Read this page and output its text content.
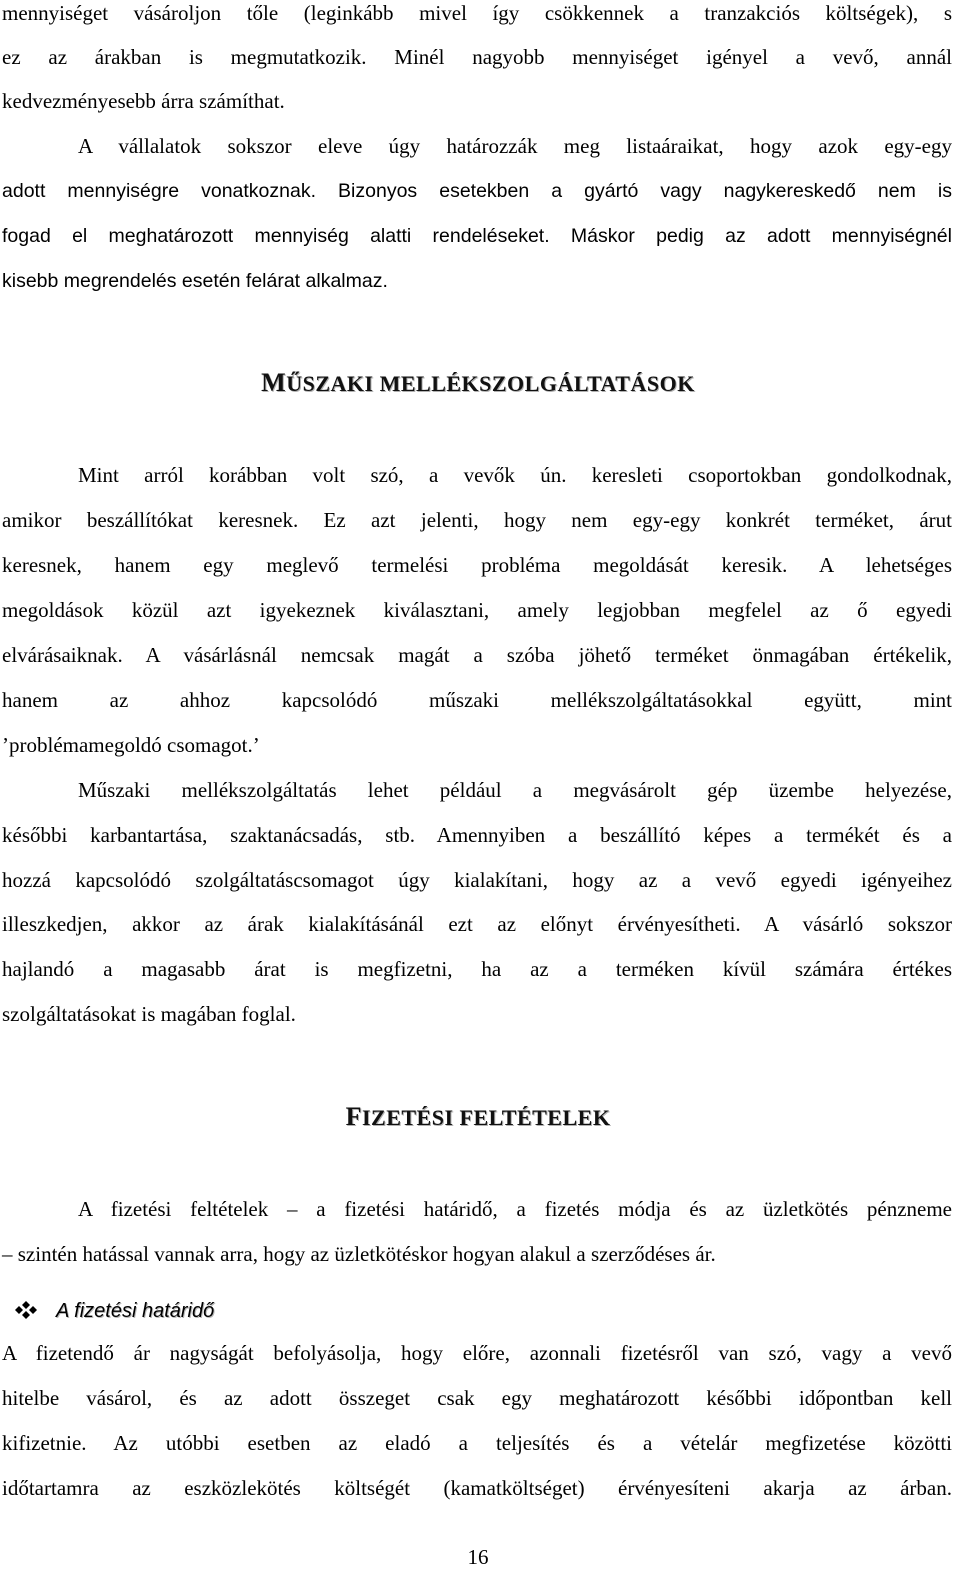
mennyiséget vásároljon tőle (leginkább mivel így csökkennek a tranzakciós költségek), s
ez az árakban is megmutatkozik. Minél nagyobb mennyiséget igényel a vevő, annál
kedvezményesebb árra számíthat.
A vállalatok sokszor eleve úgy határozzák meg listaáraikat, hogy azok egy-egy
adott mennyiségre vonatkoznak. Bizonyos esetekben a gyártó vagy nagykereskedő nem is
fogad el meghatározott mennyiség alatti rendeléseket. Máskor pedig az adott mennyiségnél
kisebb megrendelés esetén felárat alkalmaz.
MŰSZAKI MELLÉKSZOLGÁLTATÁSOK
Mint arról korábban volt szó, a vevők ún. keresleti csoportokban gondolkodnak,
amikor beszállítókat keresnek. Ez azt jelenti, hogy nem egy-egy konkrét terméket, árut
keresnek, hanem egy meglevő termelési probléma megoldását keresik. A lehetséges
megoldások közül azt igyekeznek kiválasztani, amely legjobban megfelel az ő egyedi
elvárásaiknak. A vásárlásnál nemcsak magát a szóba jöhető terméket önmagában értékelik,
hanem az ahhoz kapcsolódó műszaki mellékszolgáltatásokkal együtt, mint
’problémamegoldó csomagot.’
Műszaki mellékszolgáltatás lehet például a megvásárolt gép üzembe helyezése,
későbbi karbantartása, szaktanácsadás, stb. Amennyiben a beszállító képes a termékét és a
hozzá kapcsolódó szolgáltatáscsomagot úgy kialakítani, hogy az a vevő egyedi igényeihez
illeszkedjen, akkor az árak kialakításánál ezt az előnyt érvényesítheti. A vásárló sokszor
hajlandó a magasabb árat is megfizetni, ha az a terméken kívül számára értékes
szolgáltatásokat is magában foglal.
FIZETÉSI FELTÉTELEK
A fizetési feltételek – a fizetési határidő, a fizetés módja és az üzletkötés pénzneme
– szintén hatással vannak arra, hogy az üzletkötéskor hogyan alakul a szerződéses ár.
A fizetési határidő
A fizetendő ár nagyságát befolyásolja, hogy előre, azonnali fizetésről van szó, vagy a vevő
hitelbe vásárol, és az adott összeget csak egy meghatározott későbbi időpontban kell
kifizetnie. Az utóbbi esetben az eladó a teljesítés és a vételár megfizetése közötti
időtartamra az eszközlekötés költségét (kamatköltséget) érvényesíteni akarja az árban.
16
